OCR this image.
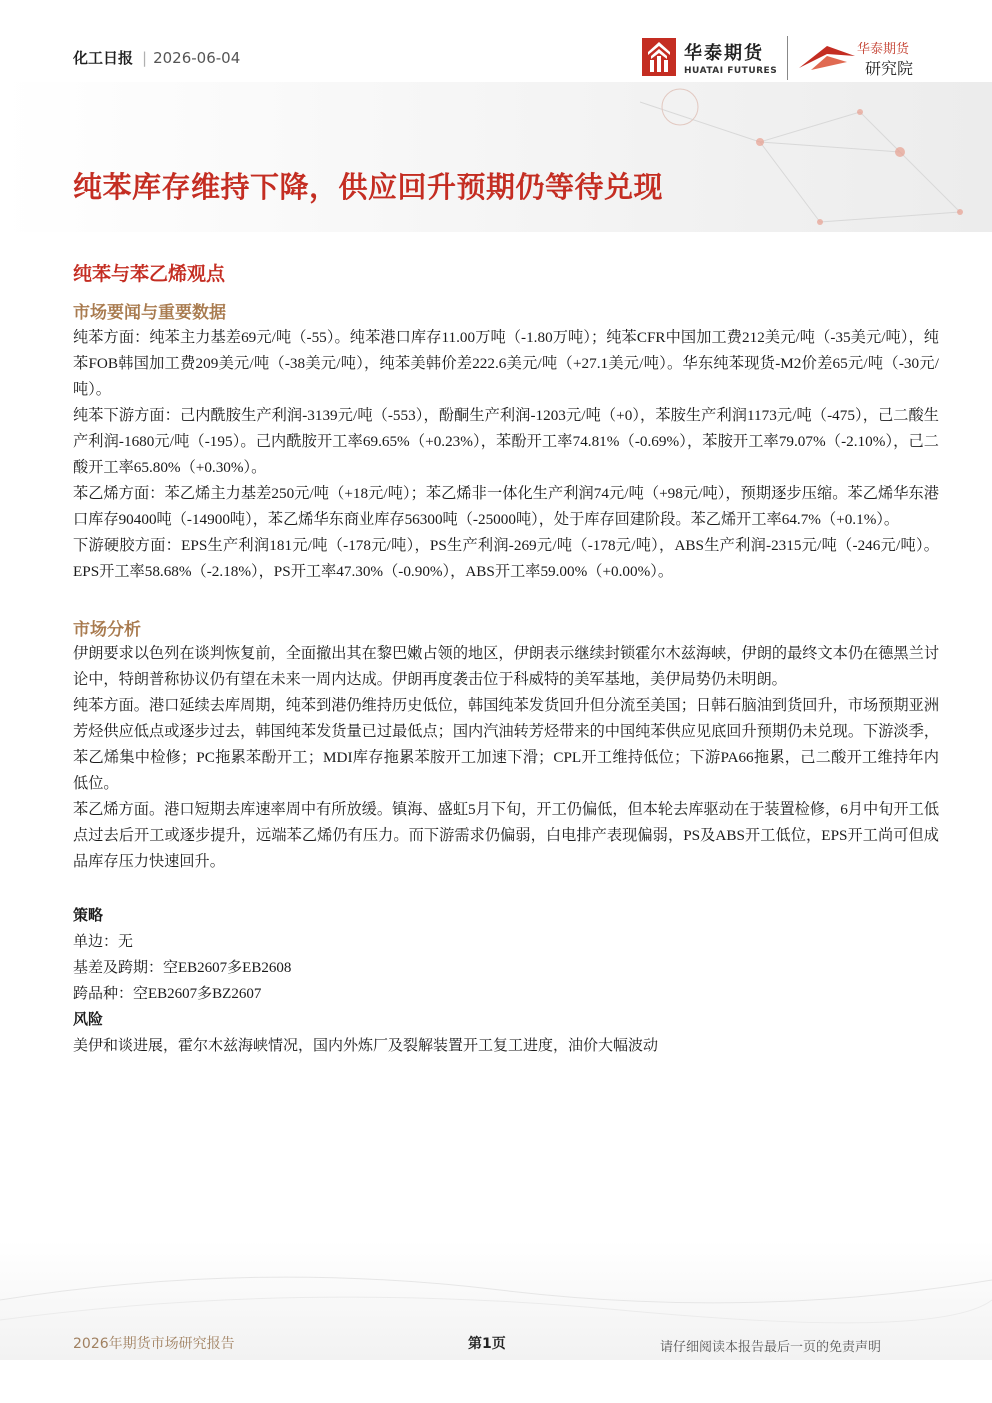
化工日报 | 2026-06-04	华泰期货
HUATAI FUTURES
华泰期货
研究院
纯苯库存维持下降，供应回升预期仍等待兑现
纯苯与苯乙烯观点
市场要闻与重要数据

纯苯方面：纯苯主力基差69元/吨（-55）。纯苯港口库存11.00万吨（-1.80万吨）；纯苯CFR中国加工费212美元/吨（-35美元/吨），纯苯FOB韩国加工费209美元/吨（-38美元/吨），纯苯美韩价差222.6美元/吨（+27.1美元/吨）。华东纯苯现货-M2价差65元/吨（-30元/吨）。

纯苯下游方面：己内酰胺生产利润-3139元/吨（-553），酚酮生产利润-1203元/吨（+0），苯胺生产利润1173元/吨（-475），己二酸生产利润-1680元/吨（-195）。己内酰胺开工率69.65%（+0.23%），苯酚开工率74.81%（-0.69%），苯胺开工率79.07%（-2.10%），己二酸开工率65.80%（+0.30%）。

苯乙烯方面：苯乙烯主力基差250元/吨（+18元/吨）；苯乙烯非一体化生产利润74元/吨（+98元/吨），预期逐步压缩。苯乙烯华东港口库存90400吨（-14900吨），苯乙烯华东商业库存56300吨（-25000吨），处于库存回建阶段。苯乙烯开工率64.7%（+0.1%）。

下游硬胶方面：EPS生产利润181元/吨（-178元/吨），PS生产利润-269元/吨（-178元/吨），ABS生产利润-2315元/吨（-246元/吨）。EPS开工率58.68%（-2.18%），PS开工率47.30%（-0.90%），ABS开工率59.00%（+0.00%）。

市场分析

伊朗要求以色列在谈判恢复前，全面撤出其在黎巴嫩占领的地区，伊朗表示继续封锁霍尔木兹海峡，伊朗的最终文本仍在德黑兰讨论中，特朗普称协议仍有望在未来一周内达成。伊朗再度袭击位于科威特的美军基地，美伊局势仍未明朗。

纯苯方面。港口延续去库周期，纯苯到港仍维持历史低位，韩国纯苯发货回升但分流至美国；日韩石脑油到货回升，市场预期亚洲芳烃供应低点或逐步过去，韩国纯苯发货量已过最低点；国内汽油转芳烃带来的中国纯苯供应见底回升预期仍未兑现。下游淡季，苯乙烯集中检修；PC拖累苯酚开工；MDI库存拖累苯胺开工加速下滑；CPL开工维持低位；下游PA66拖累，己二酸开工维持年内低位。

苯乙烯方面。港口短期去库速率周中有所放缓。镇海、盛虹5月下旬，开工仍偏低，但本轮去库驱动在于装置检修，6月中旬开工低点过去后开工或逐步提升，远端苯乙烯仍有压力。而下游需求仍偏弱，白电排产表现偏弱，PS及ABS开工低位，EPS开工尚可但成品库存压力快速回升。

策略
单边：无
基差及跨期：空EB2607多EB2608
跨品种：空EB2607多BZ2607
风险
美伊和谈进展，霍尔木兹海峡情况，国内外炼厂及裂解装置开工复工进度，油价大幅波动
2026年期货市场研究报告	第1页	请仔细阅读本报告最后一页的免责声明
